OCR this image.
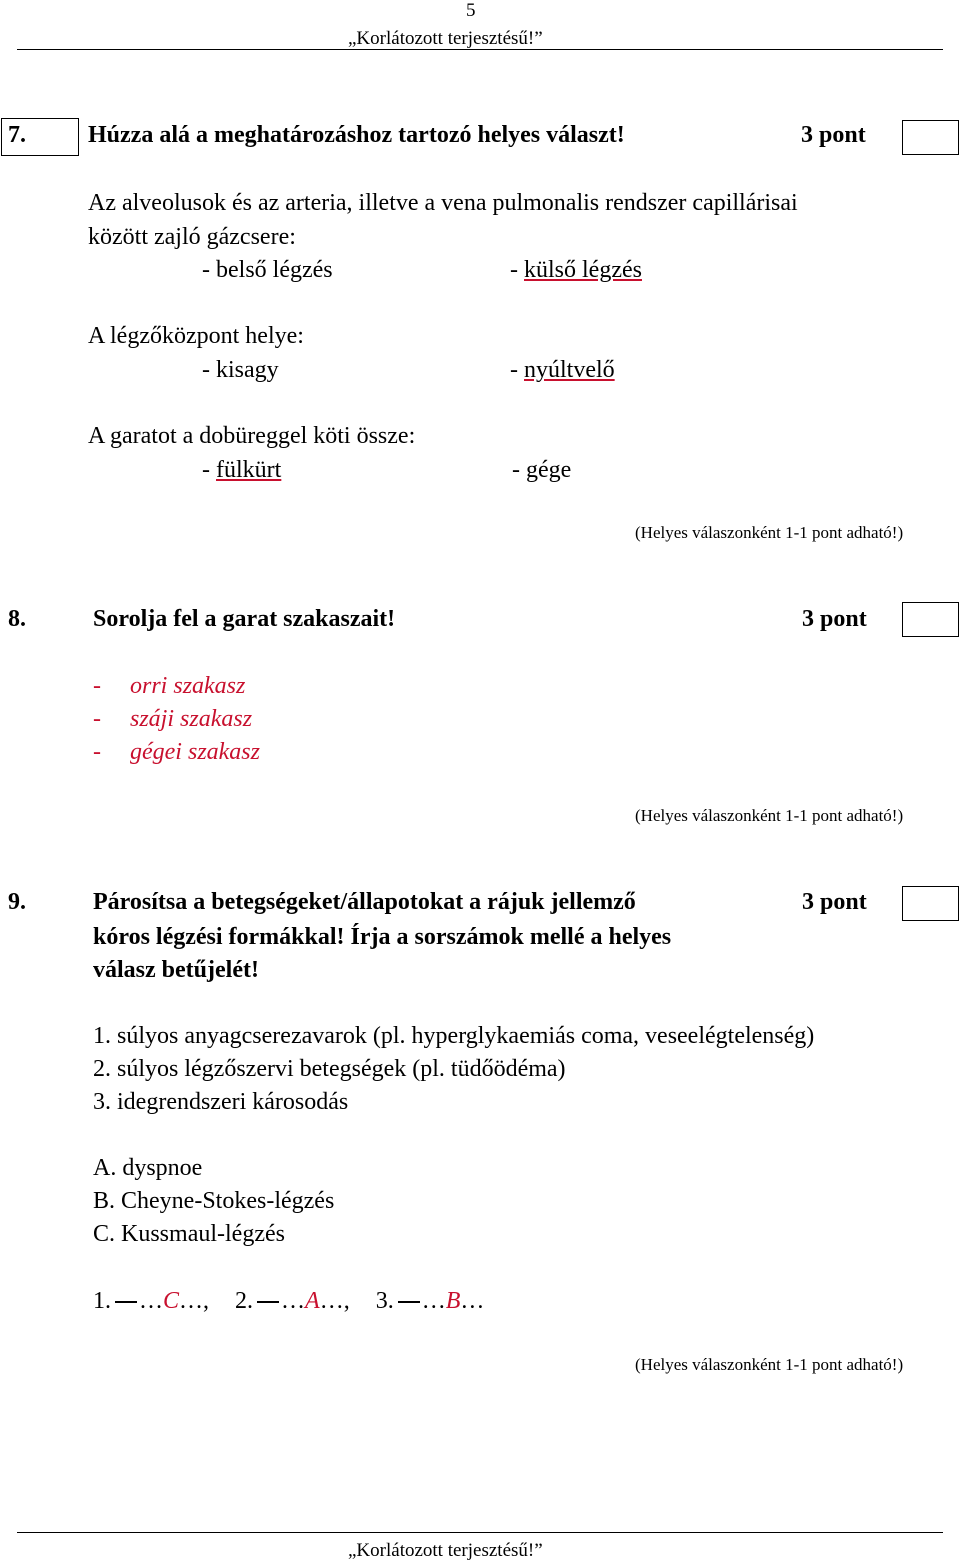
5
„Korlátozott terjesztésű!”
7.	Húzza alá a meghatározáshoz tartozó helyes választ!	3 pont
Az alveolusok és az arteria, illetve a vena pulmonalis rendszer capillárisai
között zajló gázcsere:
- belső légzés	- külső légzés
A légzőközpont helye:
- kisagy	- nyúltvelő
A garatot a dobüreggel köti össze:
- fülkürt	- gége
(Helyes válaszonként 1-1 pont adható!)
8.	Sorolja fel a garat szakaszait!	3 pont
- orri szakasz
- száji szakasz
- gégei szakasz
(Helyes válaszonként 1-1 pont adható!)
9.	Párosítsa a betegségeket/állapotokat a rájuk jellemző
kóros légzési formákkal! Írja a sorszámok mellé a helyes
válasz betűjelét!
3 pont
1. súlyos anyagcserezavarok (pl. hyperglykaemiás coma, veseelégtelenség)
2. súlyos légzőszervi betegségek (pl. tüdőödéma)
3. idegrendszeri károsodás
A. dyspnoe
B. Cheyne-Stokes-légzés
C. Kussmaul-légzés
1. …C…, 2. …A…, 3. …B…
(Helyes válaszonként 1-1 pont adható!)
„Korlátozott terjesztésű!”
